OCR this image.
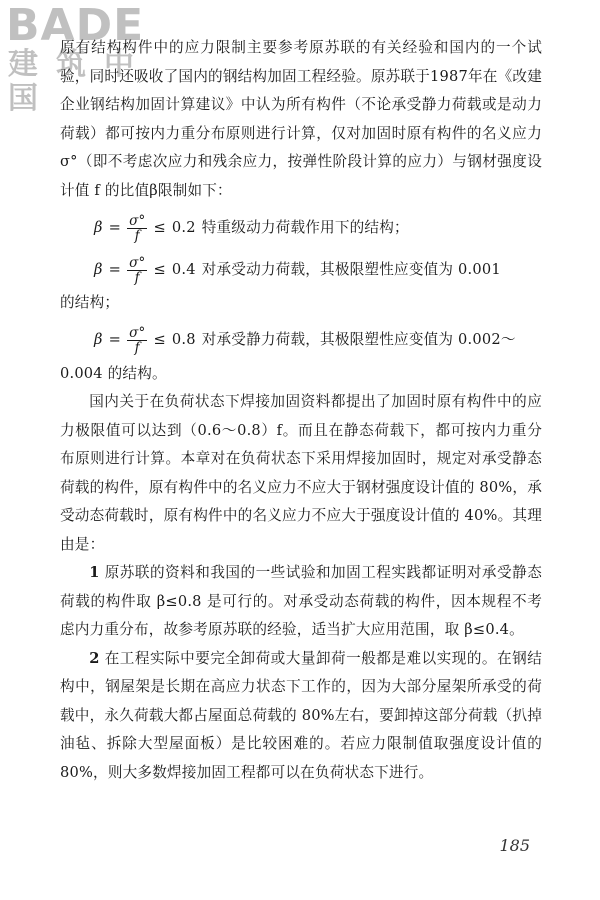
BADE
建筑中国

原有结构构件中的应力限制主要参考原苏联的有关经验和国内的一个试验，同时还吸收了国内的钢结构加固工程经验。原苏联于1987年在《改建企业钢结构加固计算建议》中认为所有构件（不论承受静力荷载或是动力荷载）都可按内力重分布原则进行计算，仅对加固时原有构件的名义应力σ°（即不考虑次应力和残余应力，按弹性阶段计算的应力）与钢材强度设计值 f 的比值β限制如下：

$\beta = \frac{\sigma^\circ}{f} \le 0.2$ 特重级动力荷载作用下的结构；
$\beta = \frac{\sigma^\circ}{f} \le 0.4$ 对承受动力荷载，其极限塑性应变值为 0.001

的结构；

$\beta = \frac{\sigma^\circ}{f} \le 0.8$ 对承受静力荷载，其极限塑性应变值为 0.002～

0.004 的结构。

国内关于在负荷状态下焊接加固资料都提出了加固时原有构件中的应力极限值可以达到（0.6～0.8）f。而且在静态荷载下，都可按内力重分布原则进行计算。本章对在负荷状态下采用焊接加固时，规定对承受静态荷载的构件，原有构件中的名义应力不应大于钢材强度设计值的 80%，承受动态荷载时，原有构件中的名义应力不应大于强度设计值的 40%。其理由是：

1 原苏联的资料和我国的一些试验和加固工程实践都证明对承受静态荷载的构件取 β≤0.8 是可行的。对承受动态荷载的构件，因本规程不考虑内力重分布，故参考原苏联的经验，适当扩大应用范围，取 β≤0.4。

2 在工程实际中要完全卸荷或大量卸荷一般都是难以实现的。在钢结构中，钢屋架是长期在高应力状态下工作的，因为大部分屋架所承受的荷载中，永久荷载大都占屋面总荷载的 80%左右，要卸掉这部分荷载（扒掉油毡、拆除大型屋面板）是比较困难的。若应力限制值取强度设计值的 80%，则大多数焊接加固工程都可以在负荷状态下进行。

185
